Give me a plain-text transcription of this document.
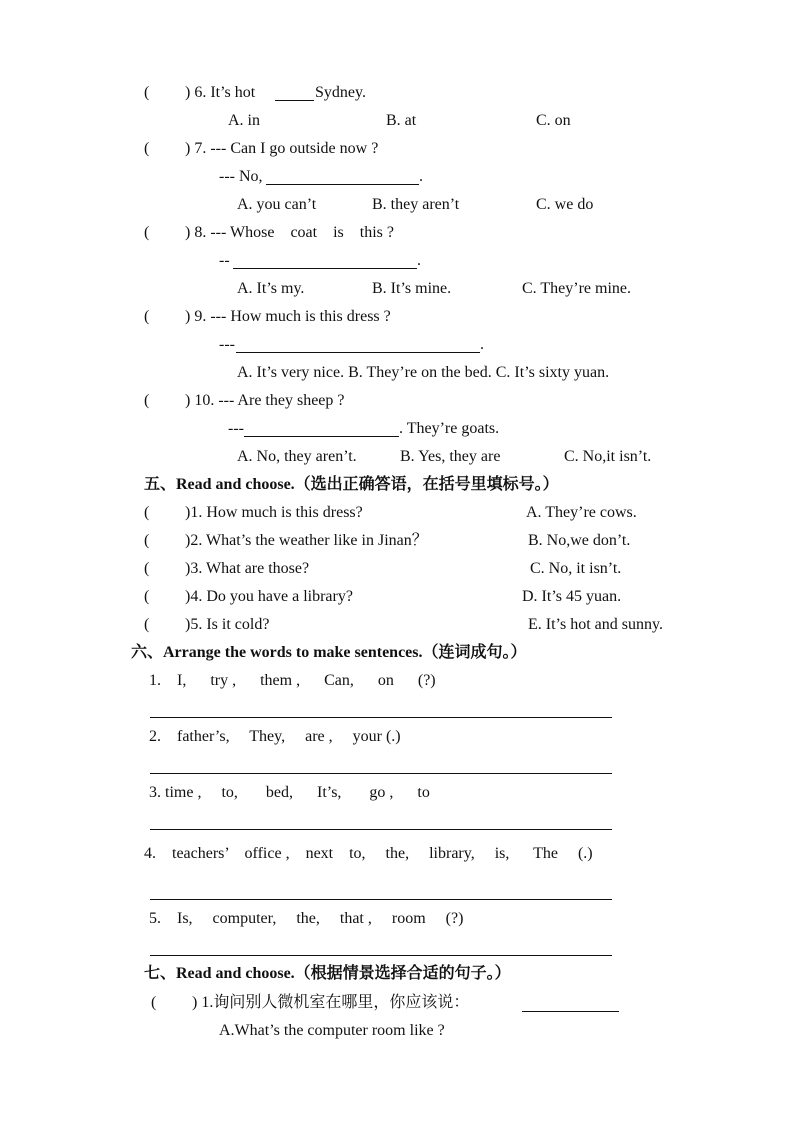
( ) 6. It’s hot	Sydney.
A. in	B. at	C. on
( ) 7. --- Can I go outside now ?
--- No,	.
A. you can’t	B. they aren’t	C. we do
( ) 8. --- Whose    coat    is    this ?
--	.
A. It’s my.	B. It’s mine.	C. They’re mine.
( ) 9. --- How much is this dress ?
---	.
A. It’s very nice. B. They’re on the bed. C. It’s sixty yuan.
( ) 10. --- Are they sheep ?
---	. They’re goats.
A. No, they aren’t.	B. Yes, they are	C. No,it isn’t.
五、Read and choose.（选出正确答语，在括号里填标号。）
( )1. How much is this dress?	A. They’re cows.
( )2. What’s the weather like in Jinan？	B. No,we don’t.
( )3. What are those?	C. No, it isn’t.
( )4. Do you have a library?	D. It’s 45 yuan.
( )5. Is it cold?	E. It’s hot and sunny.
六、Arrange the words to make sentences.（连词成句。）
1.    I,      try ,      them ,      Can,      on      (?)
2.    father’s,     They,     are ,     your (.)
3. time ,     to,       bed,      It’s,       go ,      to
4.    teachers’    office ,    next    to,     the,     library,     is,      The     (.)
5.    Is,     computer,     the,     that ,     room     (?)
七、Read and choose.（根据情景选择合适的句子。）
( ) 1.询问别人微机室在哪里，你应该说：
A.What’s the computer room like ?
